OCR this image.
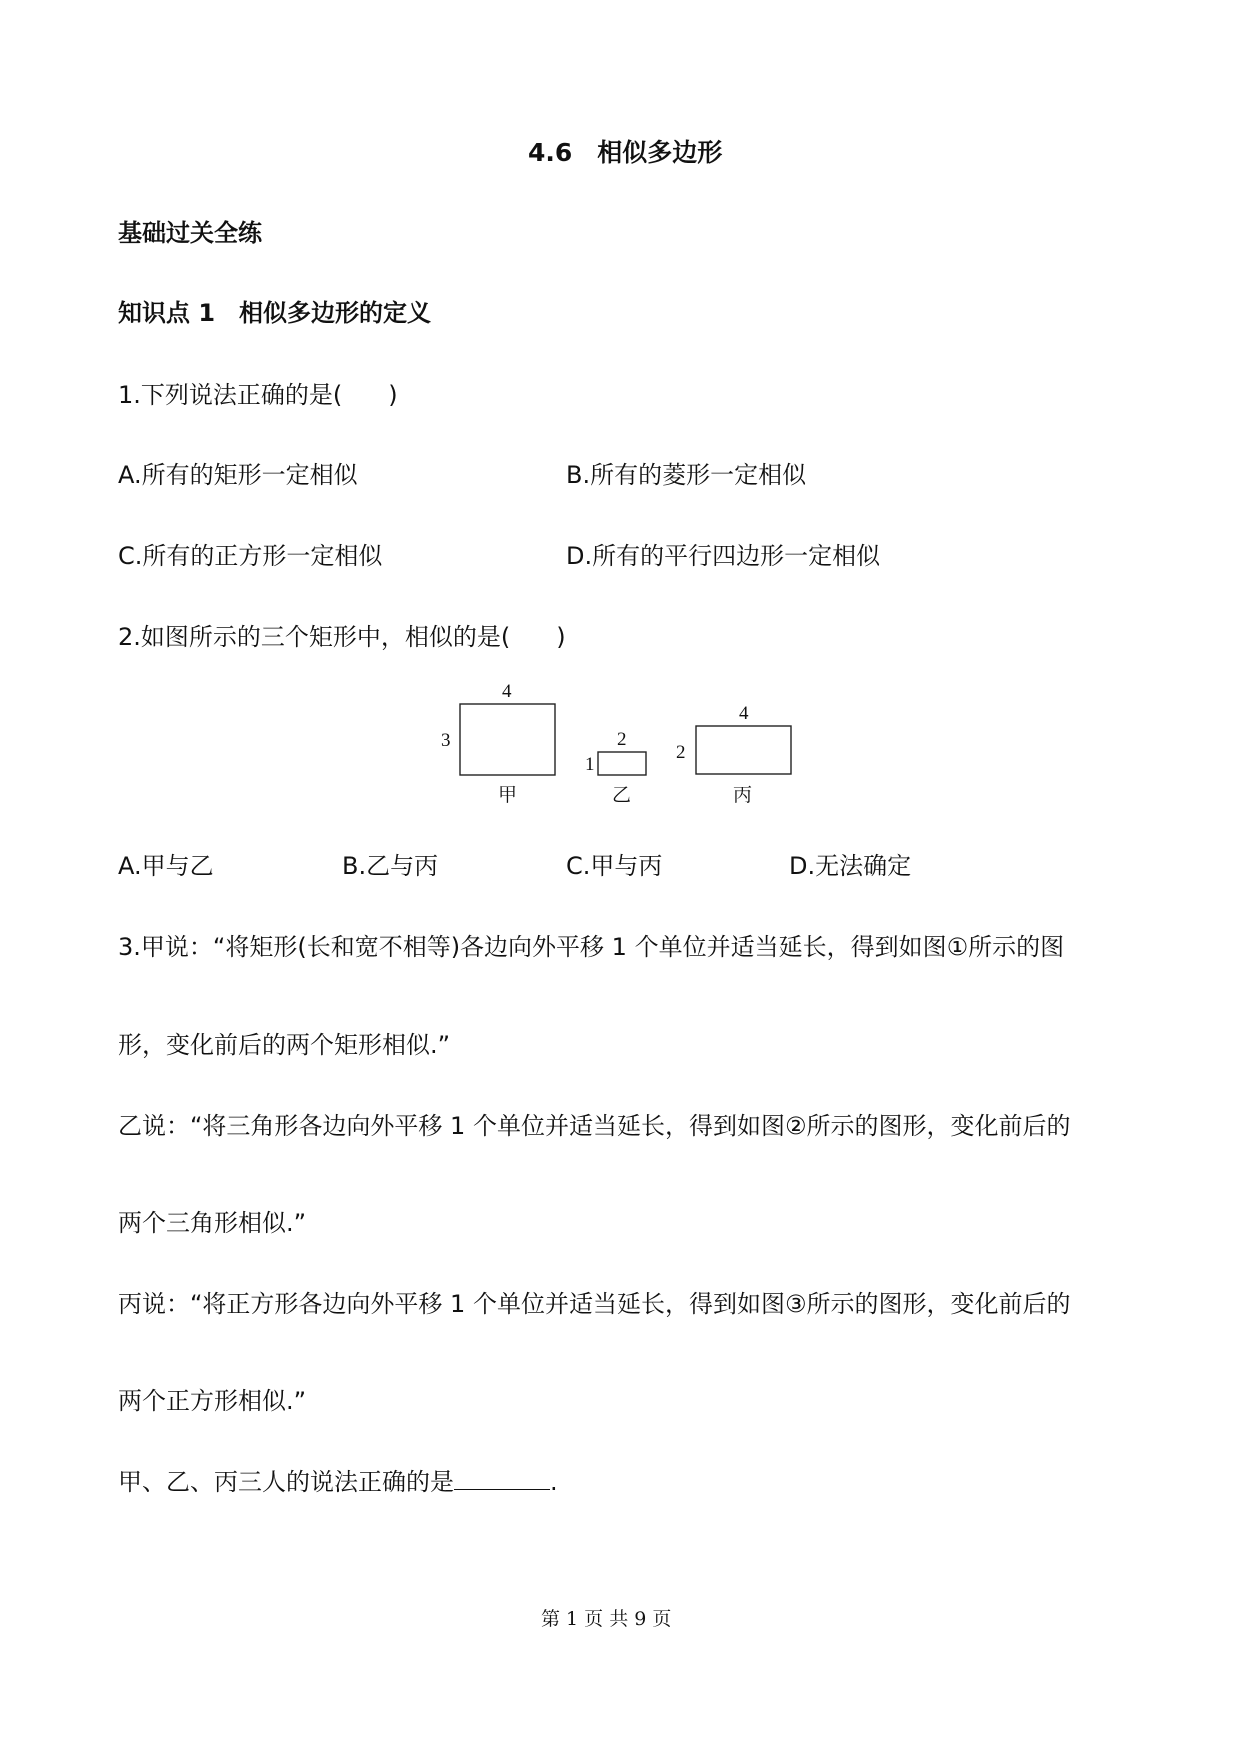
4.6　相似多边形
基础过关全练
知识点 1　相似多边形的定义
1.下列说法正确的是( )
A.所有的矩形一定相似	B.所有的菱形一定相似
C.所有的正方形一定相似	D.所有的平行四边形一定相似
2.如图所示的三个矩形中，相似的是( )
4
3
甲
2
1
乙
4
2
丙
A.甲与乙	B.乙与丙	C.甲与丙	D.无法确定
3.甲说：“将矩形(长和宽不相等)各边向外平移 1 个单位并适当延长，得到如图①所示的图
形，变化前后的两个矩形相似.”
乙说：“将三角形各边向外平移 1 个单位并适当延长，得到如图②所示的图形，变化前后的
两个三角形相似.”
丙说：“将正方形各边向外平移 1 个单位并适当延长，得到如图③所示的图形，变化前后的
两个正方形相似.”
甲、乙、丙三人的说法正确的是	.
第 1 页 共 9 页
